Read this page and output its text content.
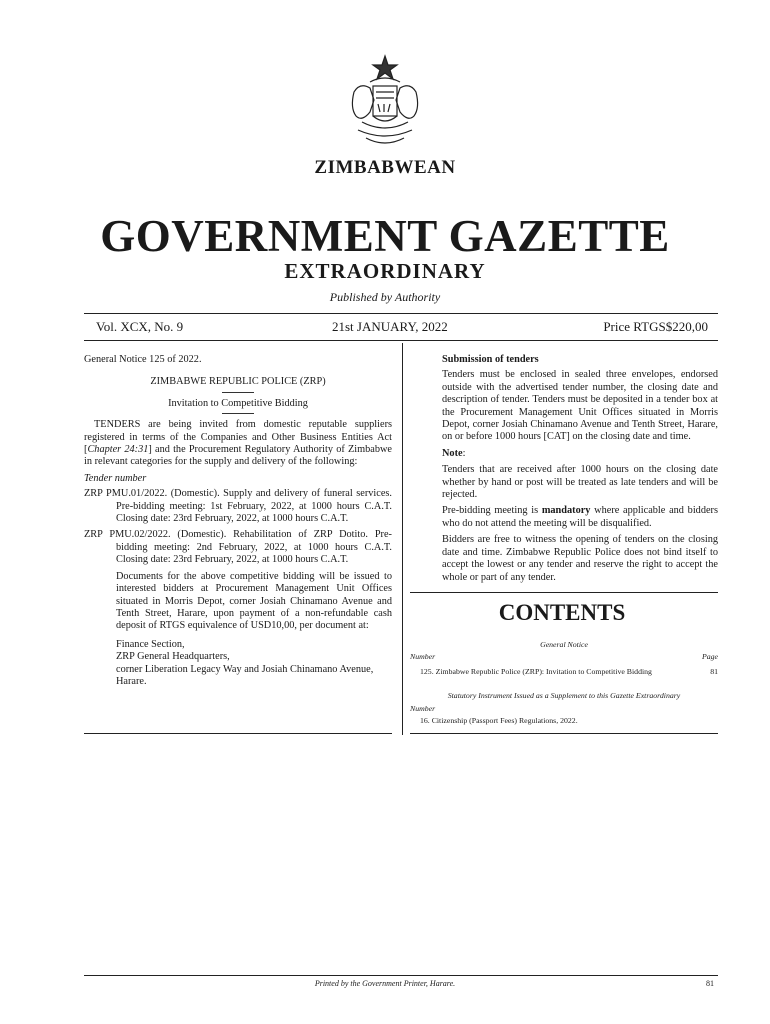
ZIMBABWEAN
GOVERNMENT GAZETTE
EXTRAORDINARY
Published by Authority
Vol. XCX, No. 9	21st JANUARY, 2022	Price RTGS$220,00

General Notice 125 of 2022.

ZIMBABWE REPUBLIC POLICE (ZRP)

Invitation to Competitive Bidding

TENDERS are being invited from domestic reputable suppliers registered in terms of the Companies and Other Business Entities Act [Chapter 24:31] and the Procurement Regulatory Authority of Zimbabwe in relevant categories for the supply and delivery of the following:

Tender number

ZRP PMU.01/2022. (Domestic). Supply and delivery of funeral services. Pre-bidding meeting: 1st February, 2022, at 1000 hours C.A.T. Closing date: 23rd February, 2022, at 1000 hours C.A.T.

ZRP PMU.02/2022. (Domestic). Rehabilitation of ZRP Dotito. Pre-bidding meeting: 2nd February, 2022, at 1000 hours C.A.T. Closing date: 23rd February, 2022, at 1000 hours C.A.T.

Documents for the above competitive bidding will be issued to interested bidders at Procurement Management Unit Offices situated in Morris Depot, corner Josiah Chinamano Avenue and Tenth Street, Harare, upon payment of a non-refundable cash deposit of RTGS equivalence of USD10,00, per document at:

Finance Section,

ZRP General Headquarters,

corner Liberation Legacy Way and Josiah Chinamano Avenue,

Harare.

Submission of tenders

Tenders must be enclosed in sealed three envelopes, endorsed outside with the advertised tender number, the closing date and description of tender. Tenders must be deposited in a tender box at the Procurement Management Unit Offices situated in Morris Depot, corner Josiah Chinamano Avenue and Tenth Street, Harare, on or before 1000 hours [CAT] on the closing date and time.

Note:

Tenders that are received after 1000 hours on the closing date whether by hand or post will be treated as late tenders and will be rejected.

Pre-bidding meeting is mandatory where applicable and bidders who do not attend the meeting will be disqualified.

Bidders are free to witness the opening of tenders on the closing date and time. Zimbabwe Republic Police does not bind itself to accept the lowest or any tender and reserve the right to accept the whole or part of any tender.

CONTENTS

General Notice

Number	Page
125. Zimbabwe Republic Police (ZRP): Invitation to Competitive Bidding	81

Statutory Instrument Issued as a Supplement to this Gazette Extraordinary

Number

16. Citizenship (Passport Fees) Regulations, 2022.

Printed by the Government Printer, Harare.	81
